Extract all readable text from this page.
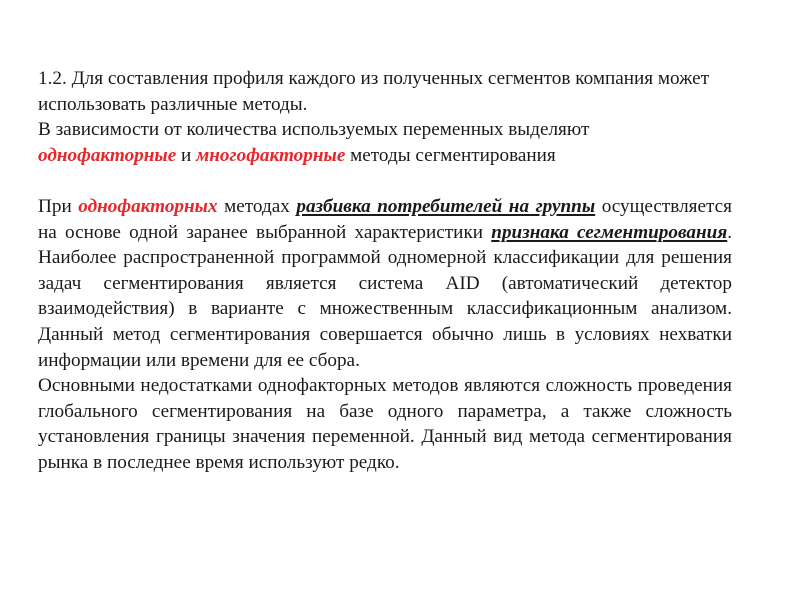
1.2. Для составления профиля каждого из полученных сегментов компания может использовать различные методы.

В зависимости от количества используемых переменных выделяют
однофакторные и многофакторные методы сегментирования

При однофакторных методах разбивка потребителей на группы осуществляется на основе одной заранее выбранной характеристики признака сегментирования. Наиболее распространенной программой одномерной классификации для решения задач сегментирования является система AID (автоматический детектор взаимодействия) в варианте с множественным классификационным анализом. Данный метод сегментирования совершается обычно лишь в условиях нехватки информации или времени для ее сбора.

Основными недостатками однофакторных методов являются сложность проведения глобального сегментирования на базе одного параметра, а также сложность установления границы значения переменной. Данный вид метода сегментирования рынка в последнее время используют редко.
